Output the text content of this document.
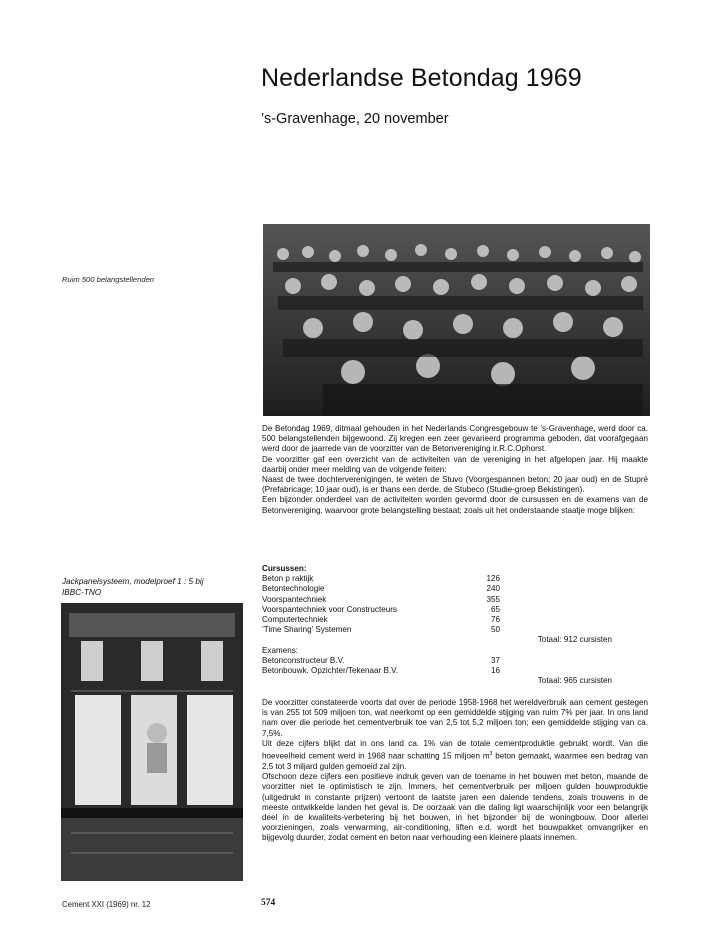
Nederlandse Betondag 1969
’s-Gravenhage, 20 november
Ruim 500 belangstellenden

De Betondag 1969, ditmaal gehouden in het Nederlands Congresgebouw te ’s-Gravenhage, werd door ca. 500 belangstellenden bijgewoond. Zij kregen een zeer gevarieerd programma geboden, dat voorafgegaan werd door de jaarrede van de voorzitter van de Betonvereniging ir.R.C.Ophorst.

De voorzitter gaf een overzicht van de activiteiten van de vereniging in het afgelopen jaar. Hij maakte daarbij onder meer melding van de volgende feiten:

Naast de twee dochterverenigingen, te weten de Stuvo (Voorgespannen beton; 20 jaar oud) en de Stupré (Prefabricage; 10 jaar oud), is er thans een derde, de Stubeco (Studie-groep Bekistingen).

Een bijzonder onderdeel van de activiteiten worden gevormd door de cursussen en de examens van de Betonvereniging, waarvoor grote belangstelling bestaat; zoals uit het onderstaande staatje moge blijken:

Jackpanelsysteem, modelproef 1 : 5 bij
IBBC-TNO
Cursussen:
Beton p raktijk	126
Betontechnologie	240
Voorspantechniek	355
Voorspantechniek voor Constructeurs	65
Computertechniek	76
’Time Sharing’ Systemen	50
Totaal: 912 cursisten
Examens:
Betonconstructeur B.V.	37
Betonbouwk. Opzichter/Tekenaar B.V.	16
Totaal: 965 cursisten

De voorzitter constateerde voorts dat over de periode 1958-1968 het wereldverbruik aan cement gestegen is van 255 tot 509 miljoen ton, wat neerkomt op een gemiddelde stijging van ruim 7% per jaar. In ons land nam over die periode het cementverbruik toe van 2,5 tot 5,2 miljoen ton; een gemiddelde stijging van ca. 7,5%.

Uit deze cijfers blijkt dat in ons land ca. 1% van de totale cementproduktie gebruikt wordt. Van die hoeveelheid cement werd in 1968 naar schatting 15 miljoen $m^3$ beton gemaakt, waarmee een bedrag van 2,5 tot 3 miljard gulden gemoeid zal zijn.

Ofschoon deze cijfers een positieve indruk geven van de toename in het bouwen met beton, maande de voorzitter niet te optimistisch te zijn. Immers, het cementverbruik per miljoen gulden bouwproduktie (uitgedrukt in constante prijzen) vertoont de laatste jaren een dalende tendens, zoals trouwens in de meeste ontwikkelde landen het geval is. De oorzaak van die daling ligt waarschijnlijk voor een belangrijk deel in de kwaliteits-verbetering bij het bouwen, in het bijzonder bij de woningbouw. Door allerlei voorzieningen, zoals verwarming, air-conditioning, liften e.d. wordt het bouwpakket omvangrijker en bijgevolg duurder, zodat cement en beton naar verhouding een kleinere plaats innemen.

Cement XXI (1969) nr. 12	574
